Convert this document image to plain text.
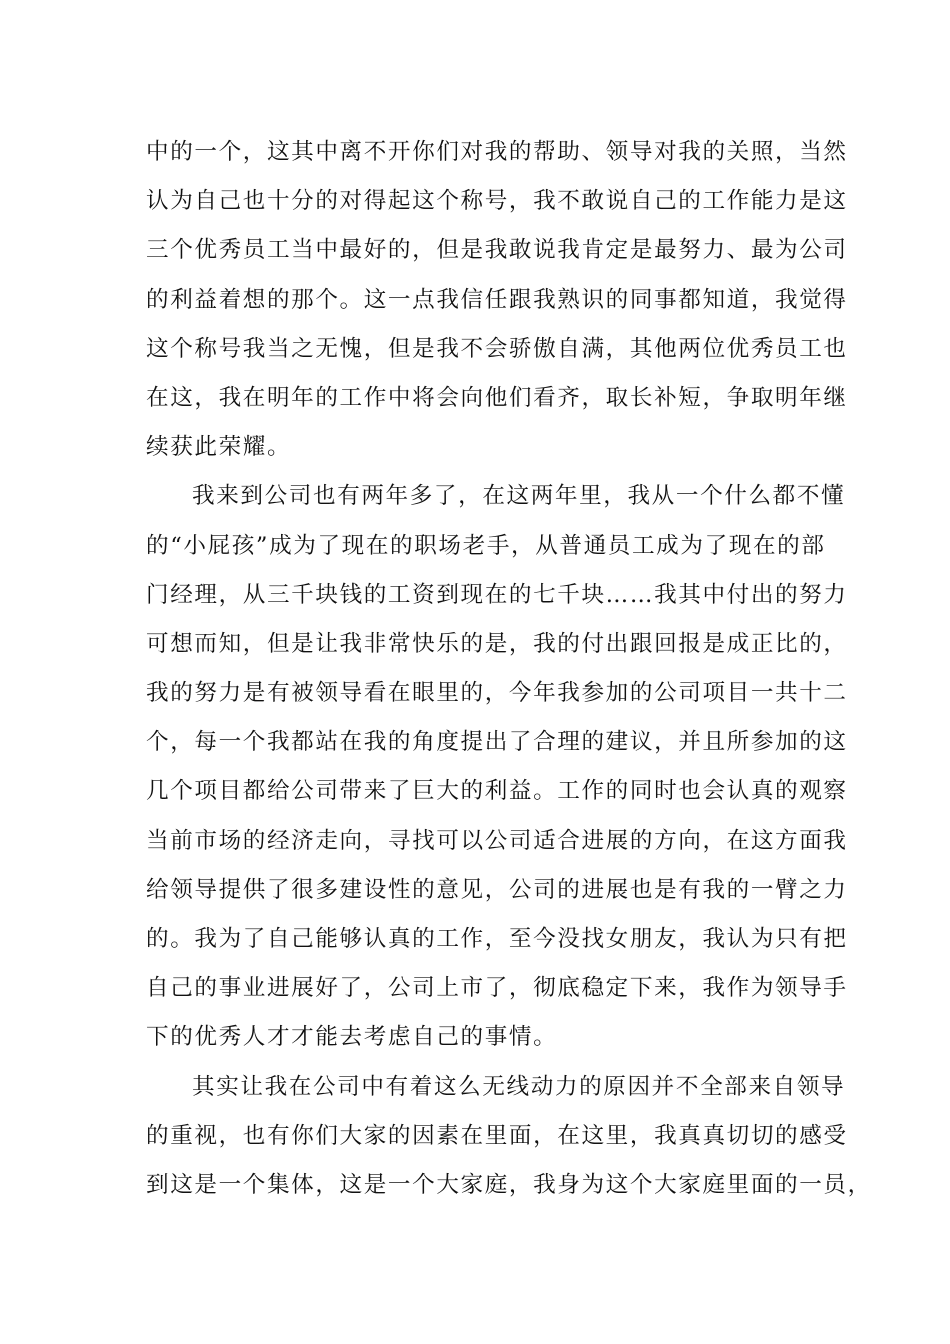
中的一个，这其中离不开你们对我的帮助、领导对我的关照，当然
认为自己也十分的对得起这个称号，我不敢说自己的工作能力是这
三个优秀员工当中最好的，但是我敢说我肯定是最努力、最为公司
的利益着想的那个。这一点我信任跟我熟识的同事都知道，我觉得
这个称号我当之无愧，但是我不会骄傲自满，其他两位优秀员工也
在这，我在明年的工作中将会向他们看齐，取长补短，争取明年继
续获此荣耀。
我来到公司也有两年多了，在这两年里，我从一个什么都不懂
的“小屁孩”成为了现在的职场老手，从普通员工成为了现在的部
门经理，从三千块钱的工资到现在的七千块……我其中付出的努力
可想而知，但是让我非常快乐的是，我的付出跟回报是成正比的，
我的努力是有被领导看在眼里的，今年我参加的公司项目一共十二
个，每一个我都站在我的角度提出了合理的建议，并且所参加的这
几个项目都给公司带来了巨大的利益。工作的同时也会认真的观察
当前市场的经济走向，寻找可以公司适合进展的方向，在这方面我
给领导提供了很多建设性的意见，公司的进展也是有我的一臂之力
的。我为了自己能够认真的工作，至今没找女朋友，我认为只有把
自己的事业进展好了，公司上市了，彻底稳定下来，我作为领导手
下的优秀人才才能去考虑自己的事情。
其实让我在公司中有着这么无线动力的原因并不全部来自领导
的重视，也有你们大家的因素在里面，在这里，我真真切切的感受
到这是一个集体，这是一个大家庭，我身为这个大家庭里面的一员，
